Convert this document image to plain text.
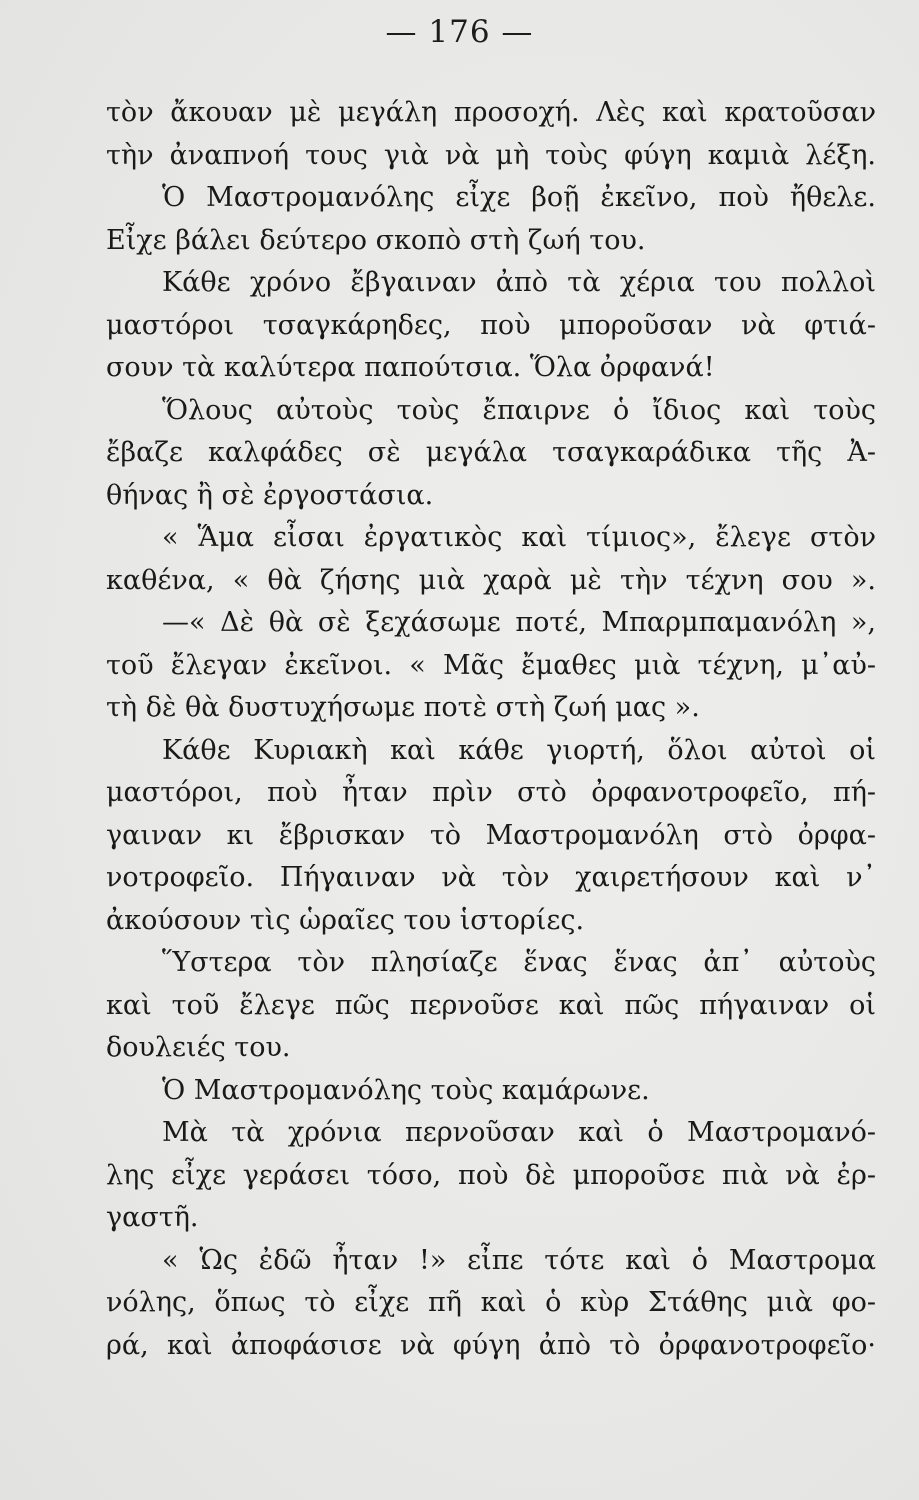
— 176 —
τὸν ἄκουαν μὲ μεγάλη προσοχή. Λὲς καὶ κρατοῦσαν
τὴν ἀναπνοή τους γιὰ νὰ μὴ τοὺς φύγη καμιὰ λέξη.
Ὁ Μαστρομανόλης εἶχε βοῇ ἐκεῖνο, ποὺ ἤθελε.
Εἶχε βάλει δεύτερο σκοπὸ στὴ ζωή του.
Κάθε χρόνο ἔβγαιναν ἀπὸ τὰ χέρια του πολλοὶ
μαστόροι τσαγκάρηδες, ποὺ μποροῦσαν νὰ φτιά-
σουν τὰ καλύτερα παπούτσια. Ὅλα ὀρφανά!
Ὅλους αὐτοὺς τοὺς ἔπαιρνε ὁ ἴδιος καὶ τοὺς
ἔβαζε καλφάδες σὲ μεγάλα τσαγκαράδικα τῆς Ἀ-
θήνας ἢ σὲ ἐργοστάσια.
« Ἅμα εἶσαι ἐργατικὸς καὶ τίμιος», ἔλεγε στὸν
καθένα, « θὰ ζήσης μιὰ χαρὰ μὲ τὴν τέχνη σου ».
—« Δὲ θὰ σὲ ξεχάσωμε ποτέ, Μπαρμπαμανόλη »,
τοῦ ἔλεγαν ἐκεῖνοι. « Μᾶς ἔμαθες μιὰ τέχνη, μ᾽αὐ-
τὴ δὲ θὰ δυστυχήσωμε ποτὲ στὴ ζωή μας ».
Κάθε Κυριακὴ καὶ κάθε γιορτή, ὅλοι αὐτοὶ οἱ
μαστόροι, ποὺ ἦταν πρὶν στὸ ὀρφανοτροφεῖο, πή-
γαιναν κι ἔβρισκαν τὸ Μαστρομανόλη στὸ ὀρφα-
νοτροφεῖο. Πήγαιναν νὰ τὸν χαιρετήσουν καὶ ν᾽
ἀκούσουν τὶς ὡραῖες του ἱστορίες.
Ὕστερα τὸν πλησίαζε ἕνας ἕνας ἀπ᾽ αὐτοὺς
καὶ τοῦ ἔλεγε πῶς περνοῦσε καὶ πῶς πήγαιναν οἱ
δουλειές του.
Ὁ Μαστρομανόλης τοὺς καμάρωνε.
Μὰ τὰ χρόνια περνοῦσαν καὶ ὁ Μαστρομανό-
λης εἶχε γεράσει τόσο, ποὺ δὲ μποροῦσε πιὰ νὰ ἐρ-
γαστῆ.
« Ὡς ἐδῶ ἦταν !» εἶπε τότε καὶ ὁ Μαστρομα
νόλης, ὅπως τὸ εἶχε πῆ καὶ ὁ κὺρ Στάθης μιὰ φο-
ρά, καὶ ἀποφάσισε νὰ φύγη ἀπὸ τὸ ὀρφανοτροφεῖο·
